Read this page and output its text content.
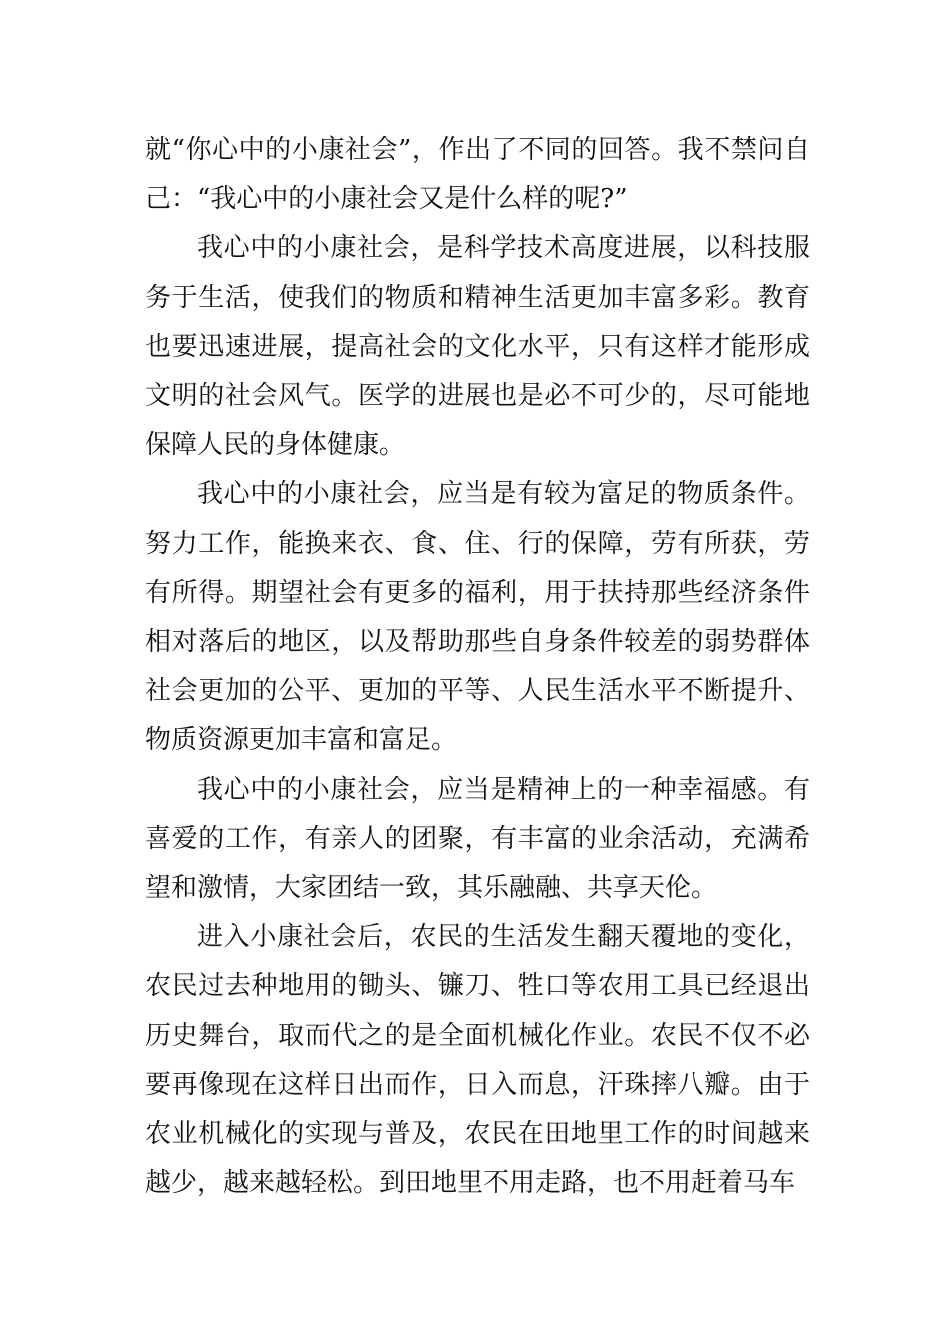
就“你心中的小康社会”，作出了不同的回答。我不禁问自己：“我心中的小康社会又是什么样的呢?”

我心中的小康社会，是科学技术高度进展，以科技服务于生活，使我们的物质和精神生活更加丰富多彩。教育也要迅速进展，提高社会的文化水平，只有这样才能形成文明的社会风气。医学的进展也是必不可少的，尽可能地保障人民的身体健康。

我心中的小康社会，应当是有较为富足的物质条件。努力工作，能换来衣、食、住、行的保障，劳有所获，劳有所得。期望社会有更多的福利，用于扶持那些经济条件相对落后的地区，以及帮助那些自身条件较差的弱势群体社会更加的公平、更加的平等、人民生活水平不断提升、物质资源更加丰富和富足。

我心中的小康社会，应当是精神上的一种幸福感。有喜爱的工作，有亲人的团聚，有丰富的业余活动，充满希望和激情，大家团结一致，其乐融融、共享天伦。

进入小康社会后，农民的生活发生翻天覆地的变化，农民过去种地用的锄头、镰刀、牲口等农用工具已经退出历史舞台，取而代之的是全面机械化作业。农民不仅不必要再像现在这样日出而作，日入而息，汗珠摔八瓣。由于农业机械化的实现与普及，农民在田地里工作的时间越来越少，越来越轻松。到田地里不用走路，也不用赶着马车
